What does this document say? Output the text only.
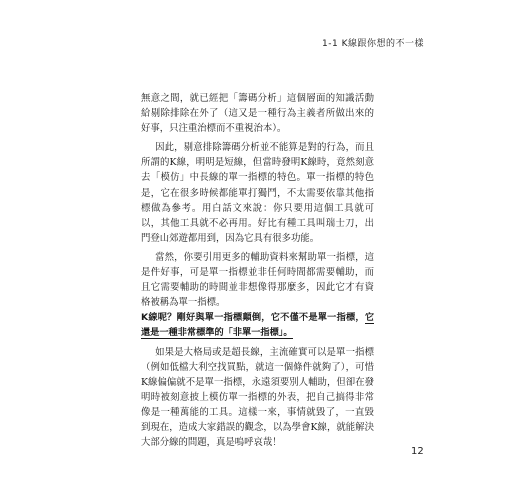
1-1 K線跟你想的不一樣

無意之間，就已經把「籌碼分析」這個層面的知識活動給剔除排除在外了（這又是一種行為主義者所做出來的好事，只注重治標而不重視治本）。

因此，剔意排除籌碼分析並不能算是對的行為，而且所謂的K線，明明是短線，但當時發明K線時，竟然刻意去「模仿」中長線的單一指標的特色。單一指標的特色是，它在很多時候都能單打獨鬥，不太需要依靠其他指標做為參考。用白話文來說：你只要用這個工具就可以，其他工具就不必再用。好比有種工具叫瑞士刀，出門登山郊遊都用到，因為它具有很多功能。

當然，你要引用更多的輔助資料來幫助單一指標，這是件好事，可是單一指標並非任何時間都需要輔助，而且它需要輔助的時間並非想像得那麼多，因此它才有資格被稱為單一指標。

K線呢？剛好與單一指標顛倒，它不僅不是單一指標，它還是一種非常標準的「非單一指標」。

如果是大格局或是超長線，主流確實可以是單一指標（例如低檔大利空找買點，就這一個條件就夠了），可惜K線偏偏就不是單一指標，永遠須要別人輔助，但卻在發明時被刻意披上模仿單一指標的外表，把自己搞得非常像是一種萬能的工具。這樣一來，事情就毀了，一直毀到現在，造成大家錯誤的觀念，以為學會K線，就能解決大部分線的問題，真是嗚呼哀哉！

12
